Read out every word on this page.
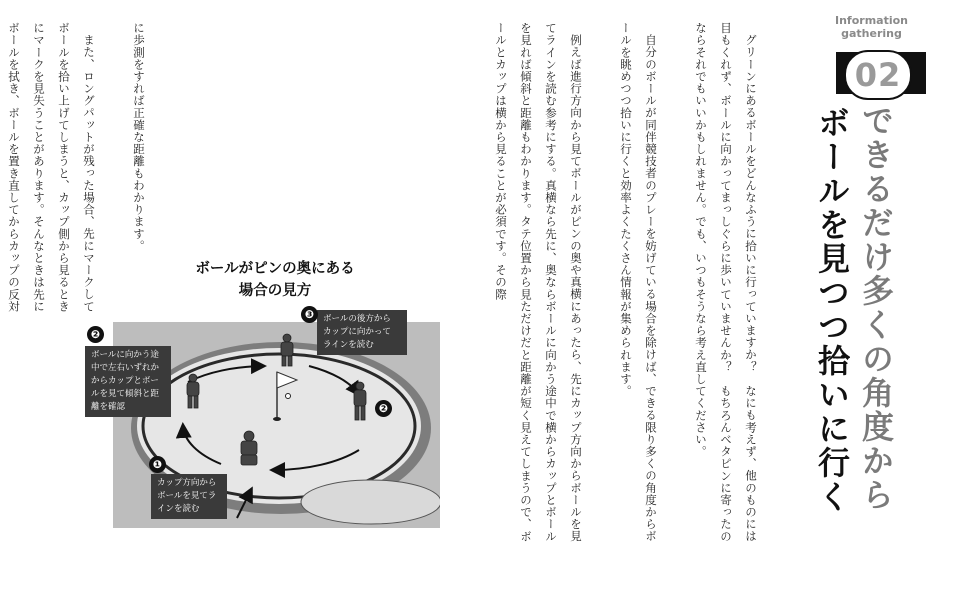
Information
gathering
02
できるだけ多くの角度から
ボールを見つつ拾いに行く

グリーンにあるボールをどんなふうに拾いに行っていますか？　なにも考えず、他のものには目もくれず、ボールに向かってまっしぐらに歩いていませんか？　もちろんベタピンに寄ったのならそれでもいいかもしれません。でも、いつもそうなら考え直してください。

自分のボールが同伴競技者のプレーを妨げている場合を除けば、できる限り多くの角度からボールを眺めつつ拾いに行くと効率よくたくさん情報が集められます。

例えば進行方向から見てボールがピンの奥や真横にあったら、先にカップ方向からボールを見てラインを読む参考にする。真横なら先に、奥ならボールに向かう途中で横からカップとボールを見れば傾斜と距離もわかります。タテ位置から見ただけだと距離が短く見えてしまうので、ボールとカップは横から見ることが必須です。その際

に歩測をすれば正確な距離もわかります。

また、ロングパットが残った場合、先にマークしてボールを拾い上げてしまうと、カップ側から見るときにマークを見失うことがあります。そんなときは先にボールを拭き、ボールを置き直してからカップの反対

ボールがピンの奥にある
場合の見方
ボールの後方から
カップに向かって
ラインを読む
❸
ボールに向かう途
中で左右いずれか
からカップとボー
ルを見て傾斜と距
離を確認
❷
❷
カップ方向から
ボールを見てラ
インを読む
❶
